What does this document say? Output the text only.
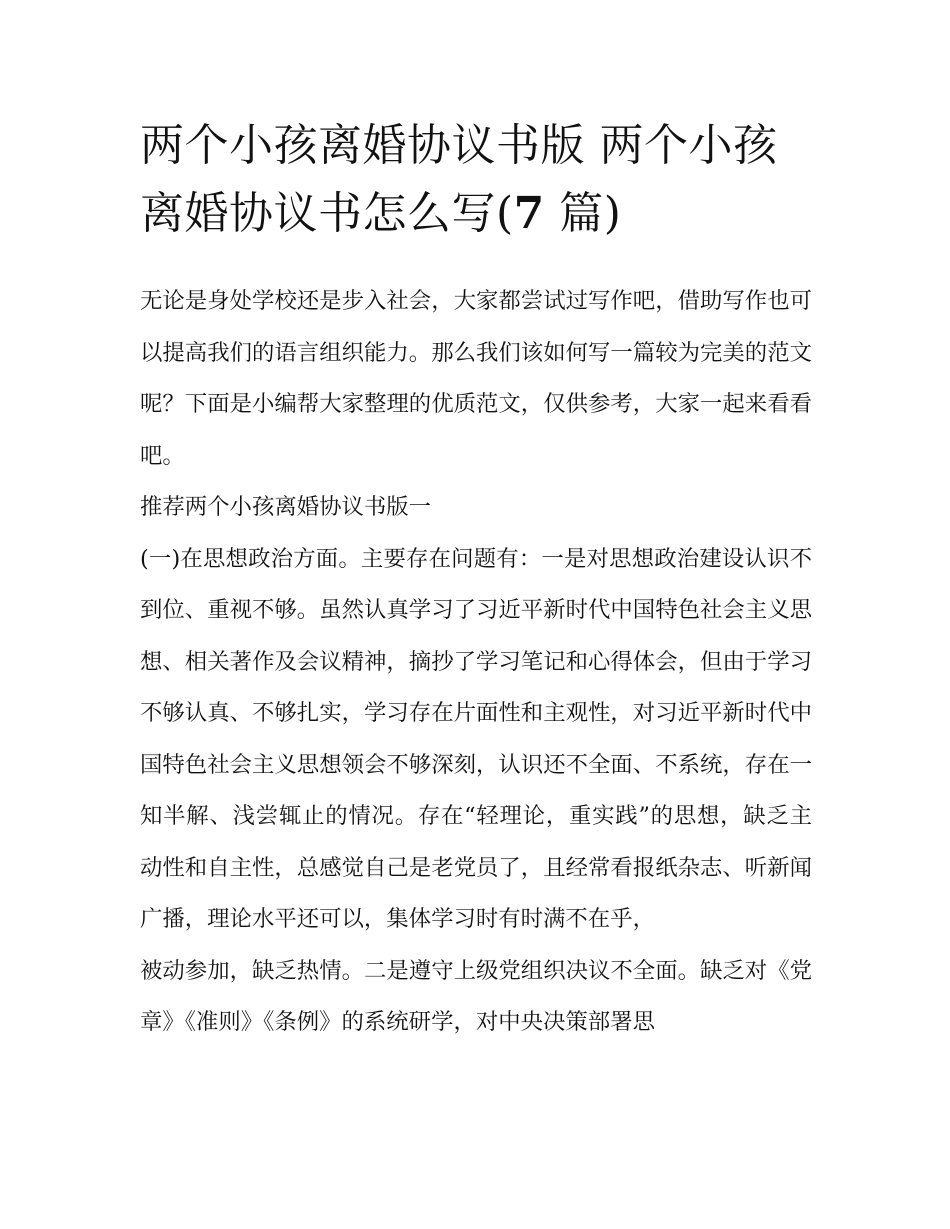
两个小孩离婚协议书版 两个小孩离婚协议书怎么写(7 篇)

无论是身处学校还是步入社会，大家都尝试过写作吧，借助写作也可以提高我们的语言组织能力。那么我们该如何写一篇较为完美的范文呢？下面是小编帮大家整理的优质范文，仅供参考，大家一起来看看吧。

推荐两个小孩离婚协议书版一

(一)在思想政治方面。主要存在问题有：一是对思想政治建设认识不到位、重视不够。虽然认真学习了习近平新时代中国特色社会主义思想、相关著作及会议精神，摘抄了学习笔记和心得体会，但由于学习不够认真、不够扎实，学习存在片面性和主观性，对习近平新时代中国特色社会主义思想领会不够深刻，认识还不全面、不系统，存在一知半解、浅尝辄止的情况。存在“轻理论，重实践”的思想，缺乏主动性和自主性，总感觉自己是老党员了，且经常看报纸杂志、听新闻广播，理论水平还可以，集体学习时有时满不在乎，

被动参加，缺乏热情。二是遵守上级党组织决议不全面。缺乏对《党章》《准则》《条例》的系统研学，对中央决策部署思
